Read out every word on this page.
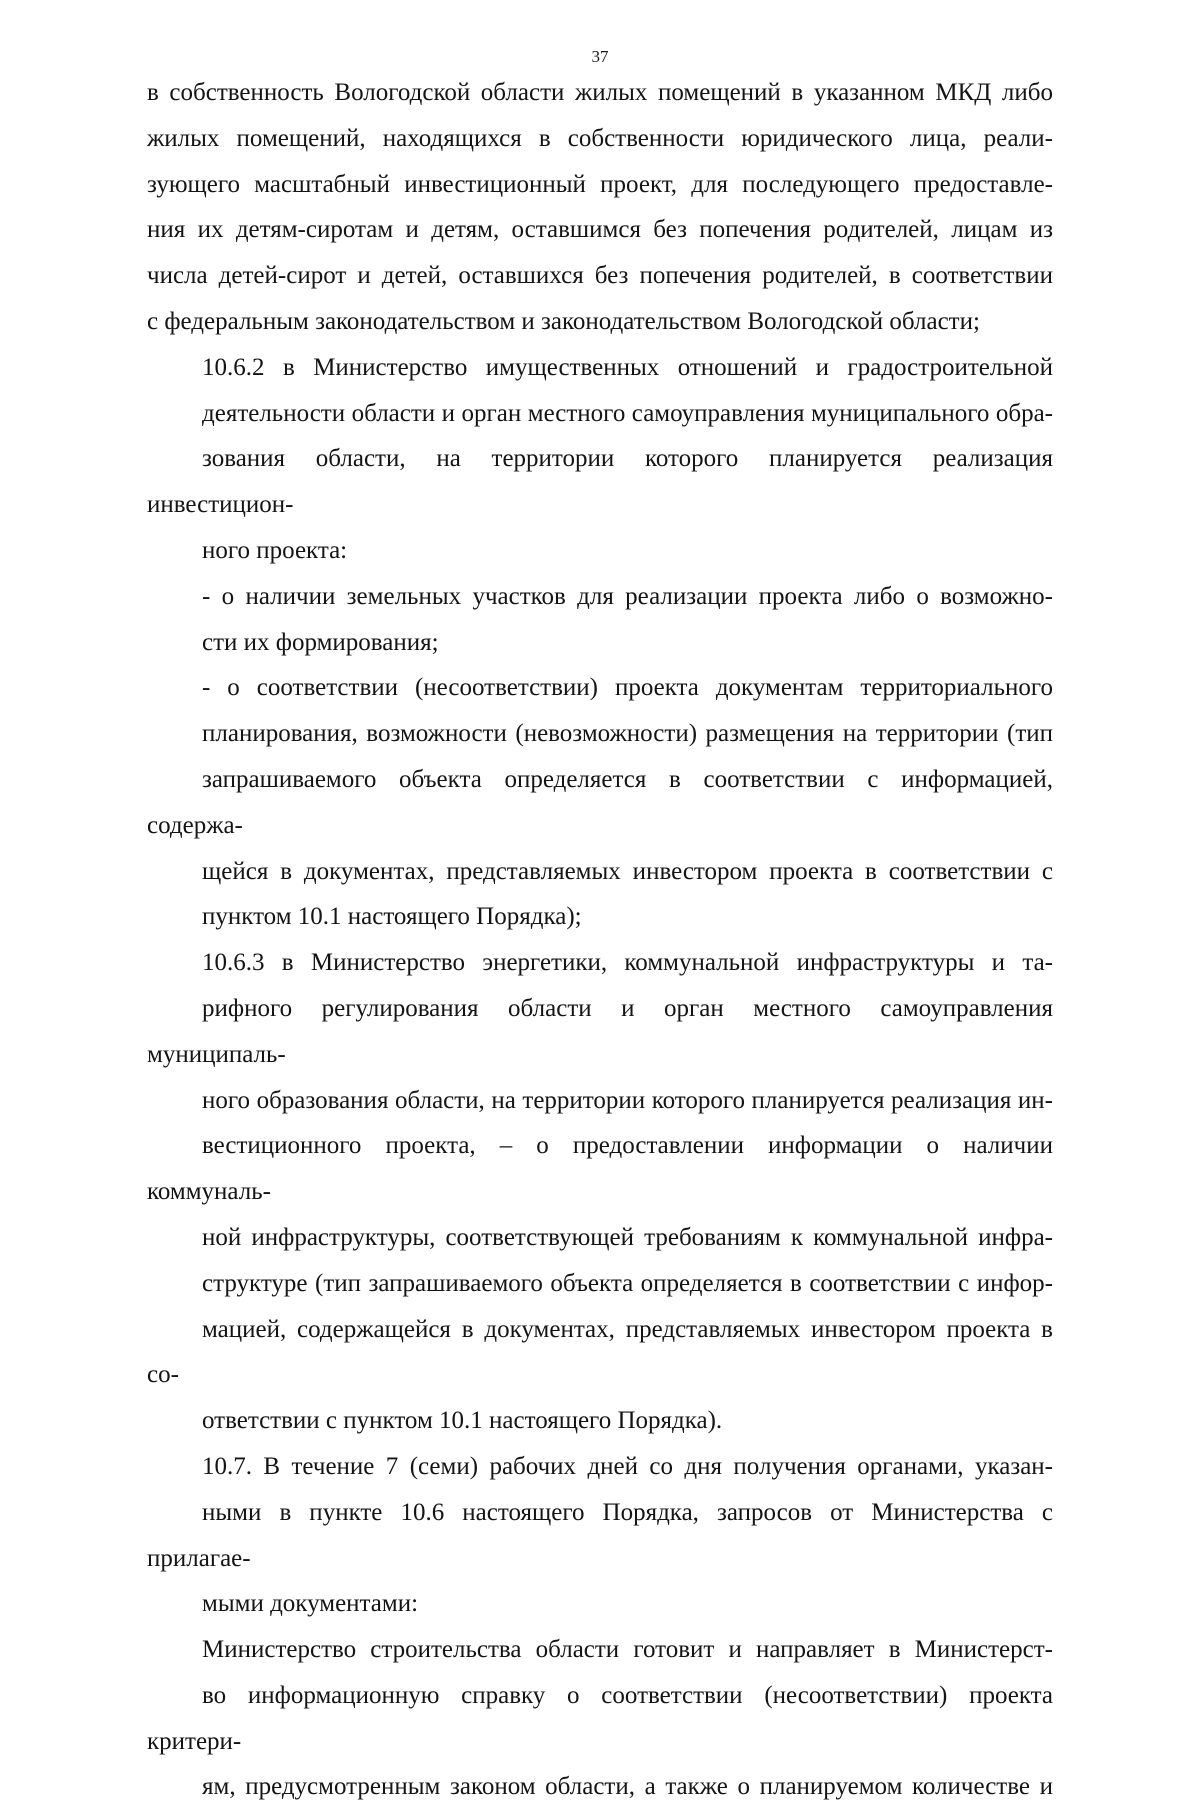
37

в собственность Вологодской области жилых помещений в указанном МКД либо
жилых помещений, находящихся в собственности юридического лица, реали-
зующего масштабный инвестиционный проект, для последующего предоставле-
ния их детям-сиротам и детям, оставшимся без попечения родителей, лицам из
числа детей-сирот и детей, оставшихся без попечения родителей, в соответствии
с федеральным законодательством и законодательством Вологодской области;

10.6.2 в Министерство имущественных отношений и градостроительной
деятельности области и орган местного самоуправления муниципального обра-
зования области, на территории которого планируется реализация инвестицион-
ного проекта:

- о наличии земельных участков для реализации проекта либо о возможно-
сти их формирования;

- о соответствии (несоответствии) проекта документам территориального
планирования, возможности (невозможности) размещения на территории (тип
запрашиваемого объекта определяется в соответствии с информацией, содержа-
щейся в документах, представляемых инвестором проекта в соответствии с
пунктом 10.1 настоящего Порядка);

10.6.3 в Министерство энергетики, коммунальной инфраструктуры и та-
рифного регулирования области и орган местного самоуправления муниципаль-
ного образования области, на территории которого планируется реализация ин-
вестиционного проекта, – о предоставлении информации о наличии коммуналь-
ной инфраструктуры, соответствующей требованиям к коммунальной инфра-
структуре (тип запрашиваемого объекта определяется в соответствии с инфор-
мацией, содержащейся в документах, представляемых инвестором проекта в со-
ответствии с пунктом 10.1 настоящего Порядка).

10.7. В течение 7 (семи) рабочих дней со дня получения органами, указан-
ными в пункте 10.6 настоящего Порядка, запросов от Министерства с прилагае-
мыми документами:

Министерство строительства области готовит и направляет в Министерст-
во информационную справку о соответствии (несоответствии) проекта критери-
ям, предусмотренным законом области, а также о планируемом количестве и
